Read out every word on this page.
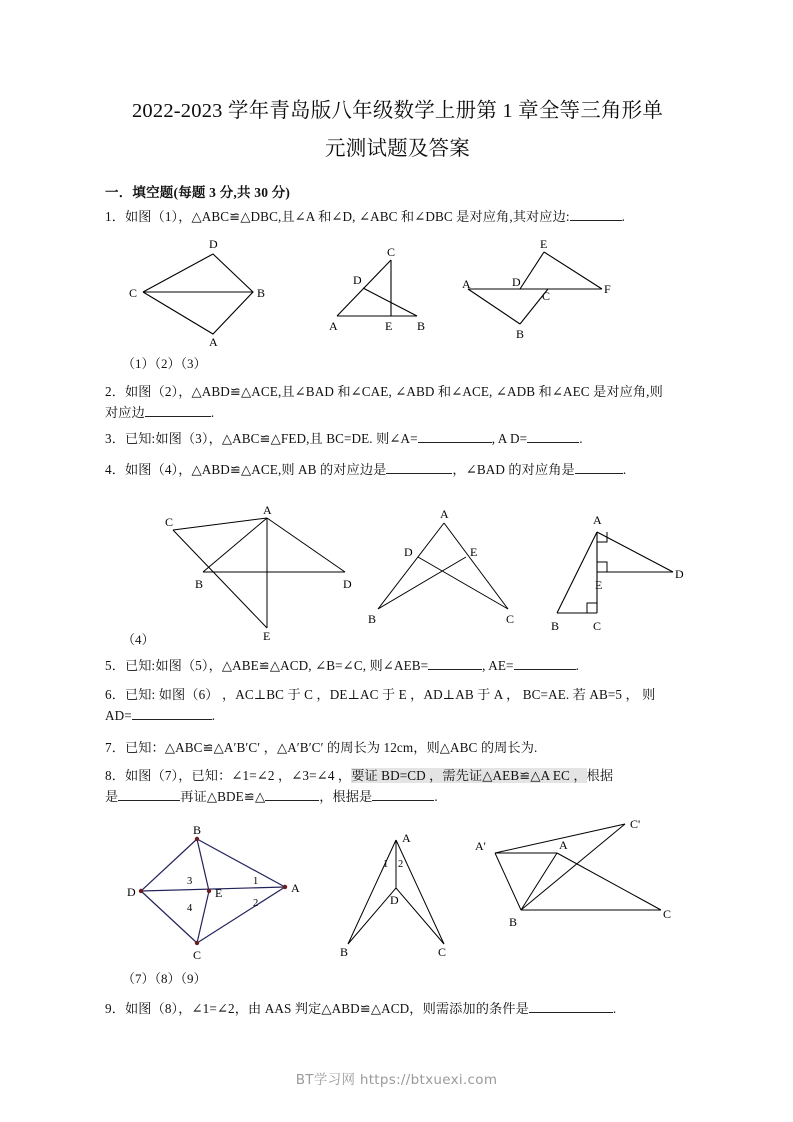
2022-2023 学年青岛版八年级数学上册第 1 章全等三角形单
元测试题及答案
一．填空题(每题 3 分,共 30 分)
1．如图（1），△ABC≌△DBC,且∠A 和∠D, ∠ABC 和∠DBC 是对应角,其对应边:	.
D
C	B
A
C
D
A	E B
E
A	D
C	F
B
（1）（2）（3）
2．如图（2），△ABD≌△ACE,且∠BAD 和∠CAE, ∠ABD 和∠ACE, ∠ADB 和∠AEC 是对应角,则
对应边	.
3．已知:如图（3），△ABC≌△FED,且 BC=DE. 则∠A=	, A D=	.
4．如图（4），△ABD≌△ACE,则 AB 的对应边是	，∠BAD 的对应角是	.
C
A
B	D
E
A
D	E
B	C
A
E
D
B	C
（4）
5．已知:如图（5），△ABE≌△ACD, ∠B=∠C, 则∠AEB=	, AE=	.
6．已知: 如图（6） ，AC⊥BC 于 C ，DE⊥AC 于 E ，AD⊥AB 于 A ， BC=AE. 若 AB=5 ， 则
AD=	.
7．已知：△ABC≌△A′B′C′ ，△A′B′C′ 的周长为 12cm，则△ABC 的周长为.
8．如图（7），已知：∠1=∠2 ，∠3=∠4 ，要证 BD=CD ，需先证△AEB≌△A EC ，根据
是	再证△BDE≌△	，根据是	.
B
D	E	A
C
1
2
3
4
A
1 2
D
B	C
C'
A'	A
B
C
（7）（8）（9）
9．如图（8），∠1=∠2，由 AAS 判定△ABD≌△ACD，则需添加的条件是	.
BT学习网 https://btxuexi.com
